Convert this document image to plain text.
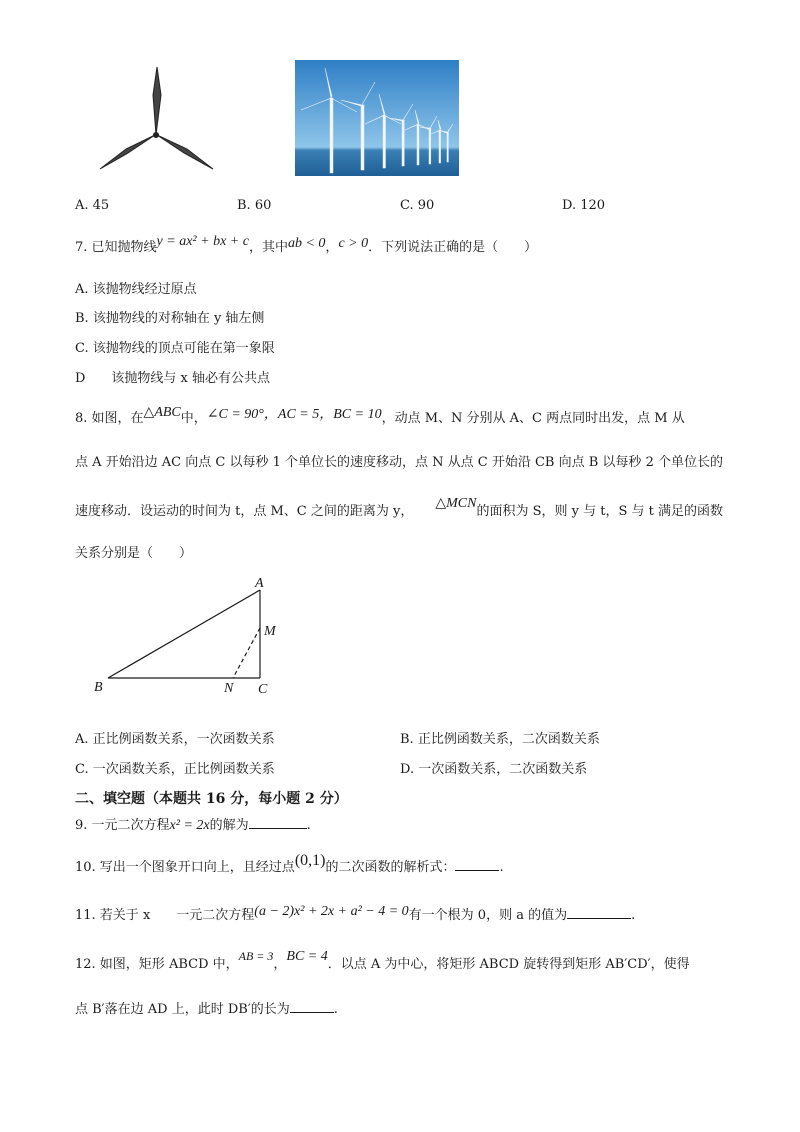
A. 45	B. 60	C. 90	D. 120
7. 已知抛物线y = ax² + bx + c，其中ab < 0，c > 0．下列说法正确的是（　　）
A. 该抛物线经过原点
B. 该抛物线的对称轴在 y 轴左侧
C. 该抛物线的顶点可能在第一象限
D　　该抛物线与 x 轴必有公共点
8. 如图，在△ABC中，∠C = 90°，AC = 5，BC = 10，动点 M、N 分别从 A、C 两点同时出发，点 M 从
点 A 开始沿边 AC 向点 C 以每秒 1 个单位长的速度移动，点 N 从点 C 开始沿 CB 向点 B 以每秒 2 个单位长的
速度移动．设运动的时间为 t，点 M、C 之间的距离为 y，△MCN的面积为 S，则 y 与 t，S 与 t 满足的函数
关系分别是（　　）
A
M
B	N C
A. 正比例函数关系，一次函数关系	B. 正比例函数关系，二次函数关系
C. 一次函数关系，正比例函数关系	D. 一次函数关系，二次函数关系
二、填空题（本题共 16 分，每小题 2 分）
9. 一元二次方程x² = 2x的解为	.
10. 写出一个图象开口向上，且经过点(0,1)的二次函数的解析式：	.
11. 若关于 x　　一元二次方程(a − 2)x² + 2x + a² − 4 = 0有一个根为 0，则 a 的值为	.
12. 如图，矩形 ABCD 中，AB = 3，BC = 4．以点 A 为中心，将矩形 ABCD 旋转得到矩形 AB′CD′，使得
点 B′落在边 AD 上，此时 DB′的长为	.
